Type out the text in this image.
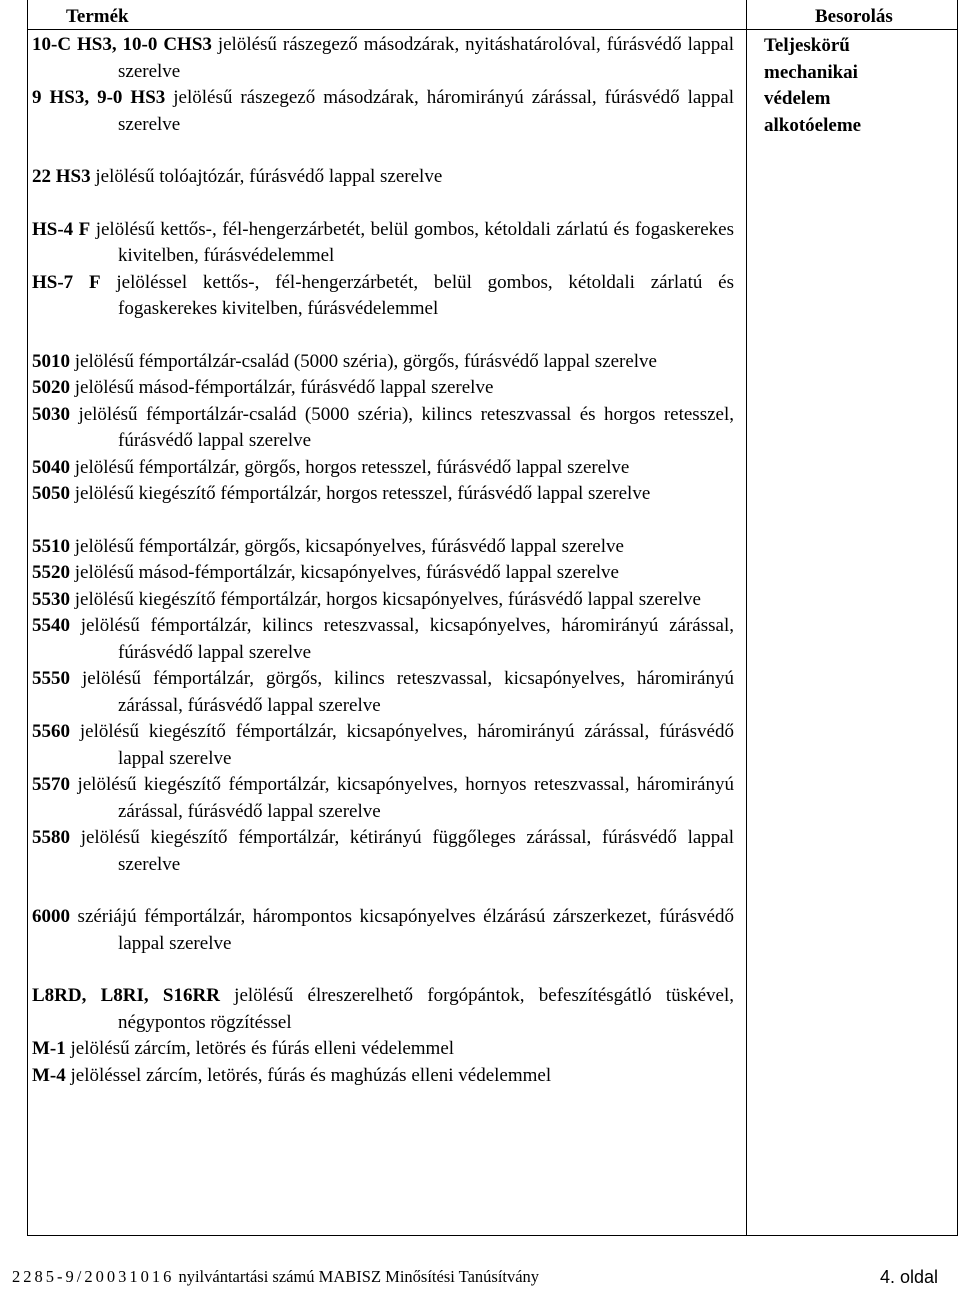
Termék	Besorolás
10-C HS3, 10-0 CHS3 jelölésű rászegező másodzárak, nyitáshatárolóval, fúrásvédő lappal szerelve
9 HS3, 9-0 HS3 jelölésű rászegező másodzárak, háromirányú zárással, fúrásvédő lappal szerelve
22 HS3 jelölésű tolóajtózár, fúrásvédő lappal szerelve
HS-4 F jelölésű kettős-, fél-hengerzárbetét, belül gombos, kétoldali zárlatú és fogaskerekes kivitelben, fúrásvédelemmel
HS-7 F jelöléssel kettős-, fél-hengerzárbetét, belül gombos, kétoldali zárlatú és fogaskerekes kivitelben, fúrásvédelemmel
5010 jelölésű fémportálzár-család (5000 széria), görgős, fúrásvédő lappal szerelve
5020 jelölésű másod-fémportálzár, fúrásvédő lappal szerelve
5030 jelölésű fémportálzár-család (5000 széria), kilincs reteszvassal és horgos retesszel, fúrásvédő lappal szerelve
5040 jelölésű fémportálzár, görgős, horgos retesszel, fúrásvédő lappal szerelve
5050 jelölésű kiegészítő fémportálzár, horgos retesszel, fúrásvédő lappal szerelve
5510 jelölésű fémportálzár, görgős, kicsapónyelves, fúrásvédő lappal szerelve
5520 jelölésű másod-fémportálzár, kicsapónyelves, fúrásvédő lappal szerelve
5530 jelölésű kiegészítő fémportálzár, horgos kicsapónyelves, fúrásvédő lappal szerelve
5540 jelölésű fémportálzár, kilincs reteszvassal, kicsapónyelves, háromirányú zárással, fúrásvédő lappal szerelve
5550 jelölésű fémportálzár, görgős, kilincs reteszvassal, kicsapónyelves, háromirányú zárással, fúrásvédő lappal szerelve
5560 jelölésű kiegészítő fémportálzár, kicsapónyelves, háromirányú zárással, fúrásvédő lappal szerelve
5570 jelölésű kiegészítő fémportálzár, kicsapónyelves, hornyos reteszvassal, háromirányú zárással, fúrásvédő lappal szerelve
5580 jelölésű kiegészítő fémportálzár, kétirányú függőleges zárással, fúrásvédő lappal szerelve
6000 szériájú fémportálzár, hárompontos kicsapónyelves élzárású zárszerkezet, fúrásvédő lappal szerelve
L8RD, L8RI, S16RR jelölésű élreszerelhető forgópántok, befeszítésgátló tüskével, négypontos rögzítéssel
M-1 jelölésű zárcím, letörés és fúrás elleni védelemmel
M-4 jelöléssel zárcím, letörés, fúrás és maghúzás elleni védelemmel
Teljeskörű
mechanikai
védelem
alkotóeleme
2285-9/20031016 nyilvántartási számú MABISZ Minősítési Tanúsítvány	4. oldal
